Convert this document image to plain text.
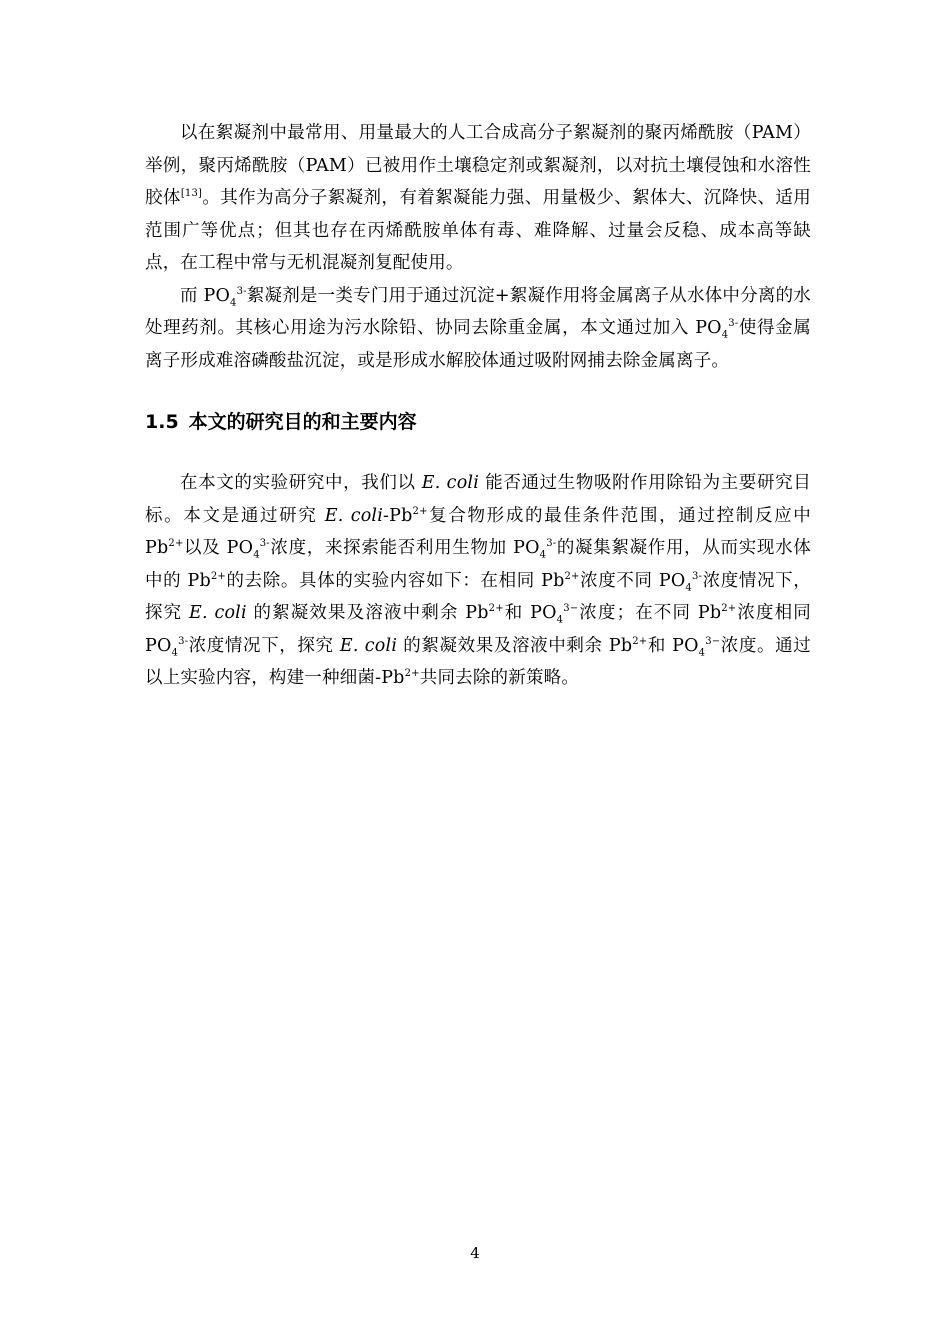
以在絮凝剂中最常用、用量最大的人工合成高分子絮凝剂的聚丙烯酰胺（PAM）举例，聚丙烯酰胺（PAM）已被用作土壤稳定剂或絮凝剂，以对抗土壤侵蚀和水溶性胶体[13]。其作为高分子絮凝剂，有着絮凝能力强、用量极少、絮体大、沉降快、适用范围广等优点；但其也存在丙烯酰胺单体有毒、难降解、过量会反稳、成本高等缺点，在工程中常与无机混凝剂复配使用。

而 $PO_4^{3-}$絮凝剂是一类专门用于通过沉淀+絮凝作用将金属离子从水体中分离的水处理药剂。其核心用途为污水除铅、协同去除重金属，本文通过加入 $PO_4^{3-}$使得金属离子形成难溶磷酸盐沉淀，或是形成水解胶体通过吸附网捕去除金属离子。

1.5 本文的研究目的和主要内容

在本文的实验研究中，我们以 E. coli 能否通过生物吸附作用除铅为主要研究目标。本文是通过研究 E. coli-$Pb^{2+}$复合物形成的最佳条件范围，通过控制反应中 $Pb^{2+}$以及 $PO_4^{3-}$浓度，来探索能否利用生物加 $PO_4^{3-}$的凝集絮凝作用，从而实现水体中的 $Pb^{2+}$的去除。具体的实验内容如下：在相同 $Pb^{2+}$浓度不同 $PO_4^{3-}$浓度情况下，探究 E. coli 的絮凝效果及溶液中剩余 $Pb^{2+}$和 $PO_4^{3-}$浓度；在不同 $Pb^{2+}$浓度相同 $PO_4^{3-}$浓度情况下，探究 E. coli 的絮凝效果及溶液中剩余 $Pb^{2+}$和 $PO_4^{3-}$浓度。通过以上实验内容，构建一种细菌$-Pb^{2+}$共同去除的新策略。

4
